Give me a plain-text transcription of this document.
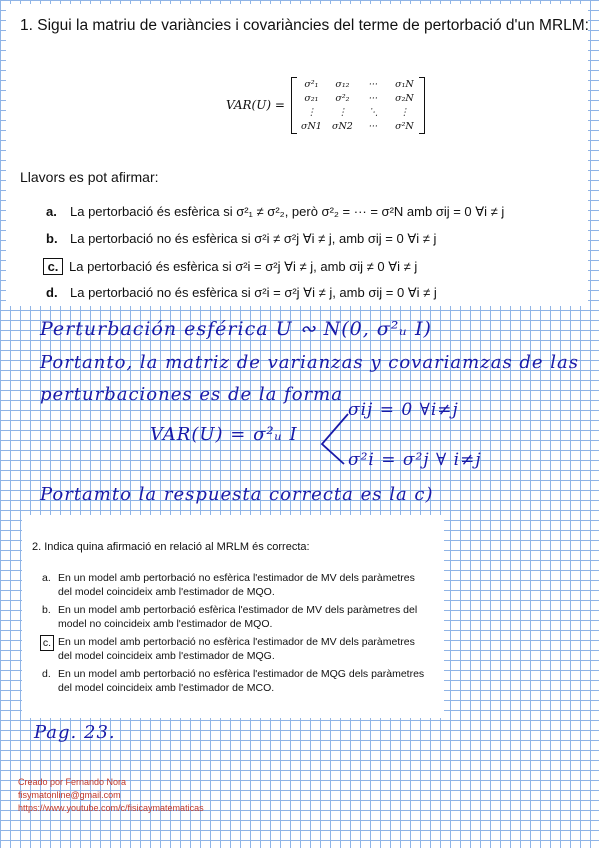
1. Sigui la matriu de variàncies i covariàncies del terme de pertorbació d'un MRLM:
VAR(U) =
σ²₁	σ₁₂	···	σ₁N
σ₂₁	σ²₂	···	σ₂N
⋮	⋮	⋱	⋮
σN1	σN2	···	σ²N
Llavors es pot afirmar:
a.	La pertorbació és esfèrica si σ²₁ ≠ σ²₂, però σ²₂ = ··· = σ²N amb σij = 0 ∀i ≠ j
b. La pertorbació no és esfèrica si σ²i ≠ σ²j ∀i ≠ j, amb σij = 0 ∀i ≠ j
c. La pertorbació és esfèrica si σ²i = σ²j ∀i ≠ j, amb σij ≠ 0 ∀i ≠ j
d. La pertorbació no és esfèrica si σ²i = σ²j ∀i ≠ j, amb σij = 0 ∀i ≠ j
Perturbación esférica U ∾ N(0, σ²ᵤ I)
Portanto, la matriz de varianzas y covariamzas de las
perturbaciones es de la forma
VAR(U) = σ²ᵤ I
σij = 0 ∀i≠j
σ²i = σ²j ∀ i≠j
Portamto la respuesta correcta es la c)
2. Indica quina afirmació en relació al MRLM és correcta:
a. En un model amb pertorbació no esfèrica l'estimador de MV dels paràmetres del model coincideix amb l'estimador de MQO.
b. En un model amb pertorbació esfèrica l'estimador de MV dels paràmetres del model no coincideix amb l'estimador de MQO.
c. En un model amb pertorbació no esfèrica l'estimador de MV dels paràmetres del model coincideix amb l'estimador de MQG.
d. En un model amb pertorbació no esfèrica l'estimador de MQG dels paràmetres del model coincideix amb l'estimador de MCO.
Pag. 23.
Creado por Fernando Nora
fisymatonline@gmail.com
https://www.youtube.com/c/fisicaymatematicas
